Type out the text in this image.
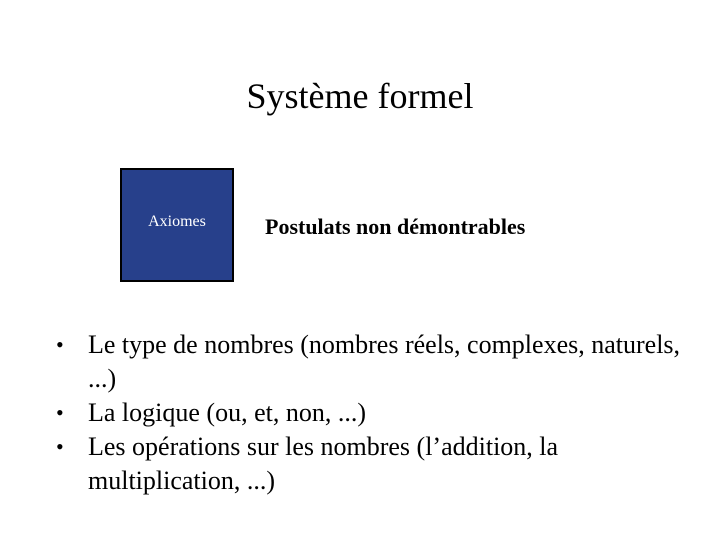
Système formel
Axiomes	Postulats non démontrables
• Le type de nombres (nombres réels, complexes, naturels, ...)
• La logique (ou, et, non, ...)
• Les opérations sur les nombres (l’addition, la multiplication, ...)
